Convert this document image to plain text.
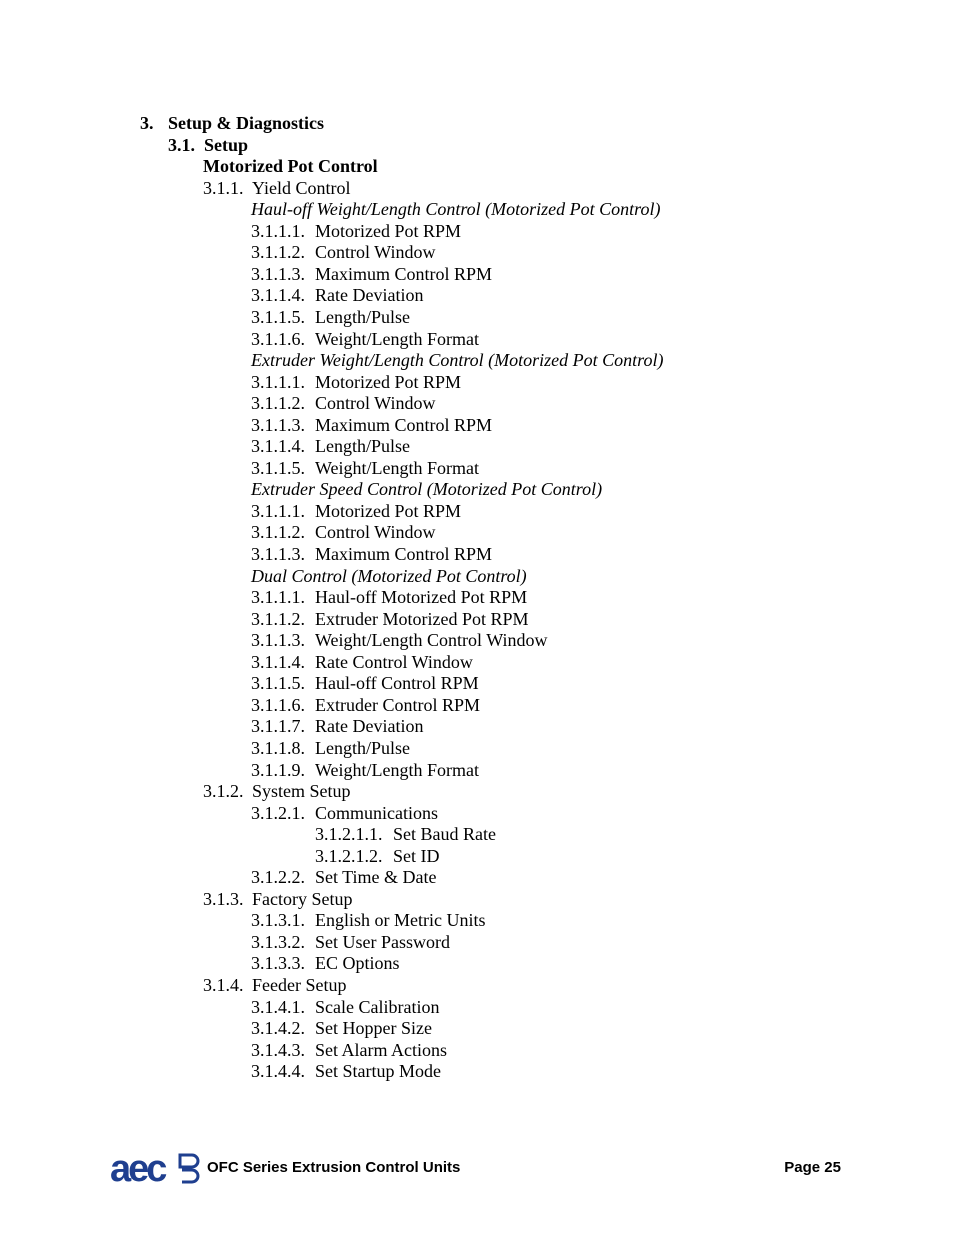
3. Setup & Diagnostics
3.1. Setup
Motorized Pot Control
3.1.1. Yield Control
Haul-off Weight/Length Control (Motorized Pot Control)
3.1.1.1. Motorized Pot RPM
3.1.1.2. Control Window
3.1.1.3. Maximum Control RPM
3.1.1.4. Rate Deviation
3.1.1.5. Length/Pulse
3.1.1.6. Weight/Length Format
Extruder Weight/Length Control (Motorized Pot Control)
3.1.1.1. Motorized Pot RPM
3.1.1.2. Control Window
3.1.1.3. Maximum Control RPM
3.1.1.4. Length/Pulse
3.1.1.5. Weight/Length Format
Extruder Speed Control (Motorized Pot Control)
3.1.1.1. Motorized Pot RPM
3.1.1.2. Control Window
3.1.1.3. Maximum Control RPM
Dual Control (Motorized Pot Control)
3.1.1.1. Haul-off Motorized Pot RPM
3.1.1.2. Extruder Motorized Pot RPM
3.1.1.3. Weight/Length Control Window
3.1.1.4. Rate Control Window
3.1.1.5. Haul-off Control RPM
3.1.1.6. Extruder Control RPM
3.1.1.7. Rate Deviation
3.1.1.8. Length/Pulse
3.1.1.9. Weight/Length Format
3.1.2. System Setup
3.1.2.1. Communications
3.1.2.1.1. Set Baud Rate
3.1.2.1.2. Set ID
3.1.2.2. Set Time & Date
3.1.3. Factory Setup
3.1.3.1. English or Metric Units
3.1.3.2. Set User Password
3.1.3.3. EC Options
3.1.4. Feeder Setup
3.1.4.1. Scale Calibration
3.1.4.2. Set Hopper Size
3.1.4.3. Set Alarm Actions
3.1.4.4. Set Startup Mode
aec	OFC Series Extrusion Control Units	Page 25
